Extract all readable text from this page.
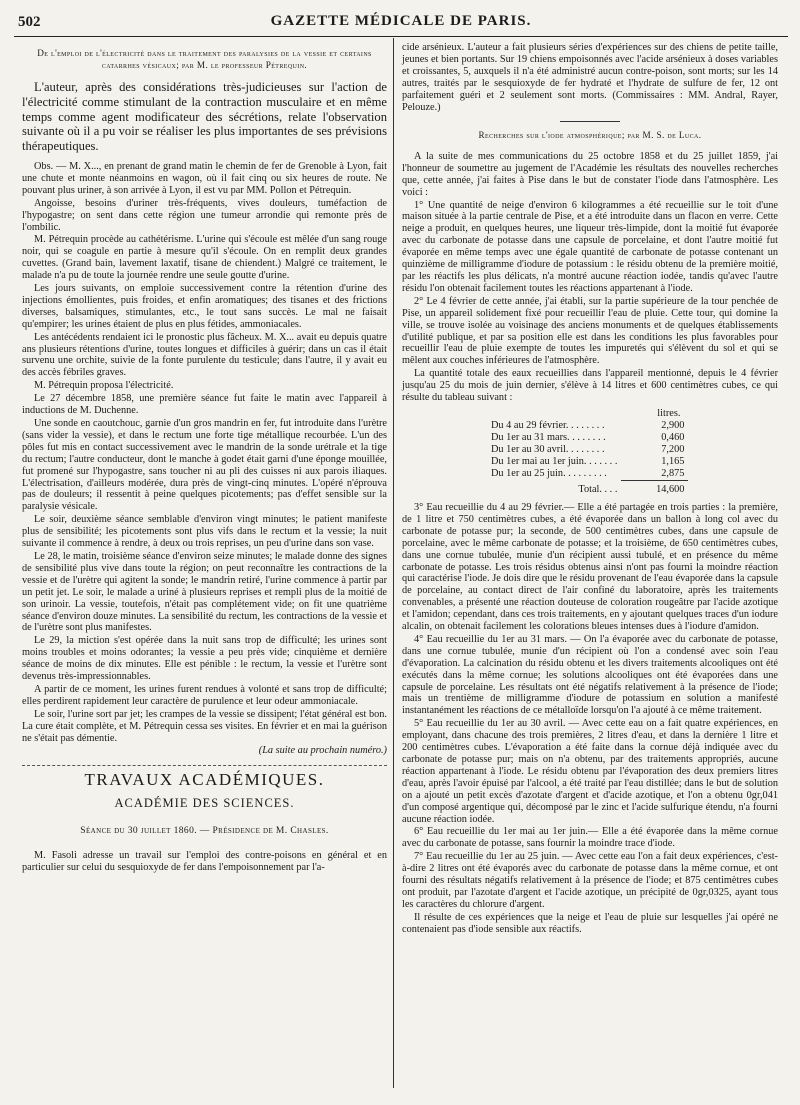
502	GAZETTE MÉDICALE DE PARIS.

De l'emploi de l'électricité dans le traitement des paralysies de la vessie et certains catarrhes vésicaux; par M. le professeur Pétrequin.

L'auteur, après des considérations très-judicieuses sur l'action de l'électricité comme stimulant de la contraction musculaire et en même temps comme agent modificateur des sécrétions, relate l'observation suivante où il a pu voir se réaliser les plus importantes de ses prévisions thérapeutiques.

Obs. — M. X..., en prenant de grand matin le chemin de fer de Grenoble à Lyon, fait une chute et monte néanmoins en wagon, où il fait cinq ou six heures de route. Ne pouvant plus uriner, à son arrivée à Lyon, il est vu par MM. Pollon et Pétrequin.

Angoisse, besoins d'uriner très-fréquents, vives douleurs, tuméfaction de l'hypogastre; on sent dans cette région une tumeur arrondie qui remonte près de l'ombilic.

M. Pétrequin procède au cathétérisme. L'urine qui s'écoule est mêlée d'un sang rouge noir, qui se coagule en partie à mesure qu'il s'écoule. On en remplit deux grandes cuvettes. (Grand bain, lavement laxatif, tisane de chiendent.) Malgré ce traitement, le malade n'a pu de toute la journée rendre une seule goutte d'urine.

Les jours suivants, on emploie successivement contre la rétention d'urine des injections émollientes, puis froides, et enfin aromatiques; des tisanes et des frictions diverses, balsamiques, stimulantes, etc., le tout sans succès. Le mal ne faisait qu'empirer; les urines étaient de plus en plus fétides, ammoniacales.

Les antécédents rendaient ici le pronostic plus fâcheux. M. X... avait eu depuis quatre ans plusieurs rétentions d'urine, toutes longues et difficiles à guérir; dans un cas il était survenu une orchite, suivie de la fonte purulente du testicule; dans l'autre, il y avait eu des accès fébriles graves.

M. Pétrequin proposa l'électricité.

Le 27 décembre 1858, une première séance fut faite le matin avec l'appareil à inductions de M. Duchenne.

Une sonde en caoutchouc, garnie d'un gros mandrin en fer, fut introduite dans l'urètre (sans vider la vessie), et dans le rectum une forte tige métallique recourbée. L'un des pôles fut mis en contact successivement avec le mandrin de la sonde urétrale et la tige du rectum; l'autre conducteur, dont le manche à godet était garni d'une éponge mouillée, fut promené sur l'hypogastre, sans toucher ni au pli des cuisses ni aux parois iliaques. L'électrisation, d'ailleurs modérée, dura près de vingt-cinq minutes. L'opéré n'éprouva pas de douleurs; il ressentit à peine quelques picotements; pas d'effet sensible sur la paralysie vésicale.

Le soir, deuxième séance semblable d'environ vingt minutes; le patient manifeste plus de sensibilité; les picotements sont plus vifs dans le rectum et la vessie; la nuit suivante il commence à rendre, à deux ou trois reprises, un peu d'urine dans son vase.

Le 28, le matin, troisième séance d'environ seize minutes; le malade donne des signes de sensibilité plus vive dans toute la région; on peut reconnaître les contractions de la vessie et de l'urètre qui agitent la sonde; le mandrin retiré, l'urine commence à partir par un petit jet. Le soir, le malade a uriné à plusieurs reprises et rempli plus de la moitié de son urinoir. La vessie, toutefois, n'était pas complétement vide; on fit une quatrième séance d'environ douze minutes. La sensibilité du rectum, les contractions de la vessie et de l'urètre sont plus manifestes.

Le 29, la miction s'est opérée dans la nuit sans trop de difficulté; les urines sont moins troubles et moins odorantes; la vessie a peu près vide; cinquième et dernière séance de moins de dix minutes. Elle est pénible : le rectum, la vessie et l'urètre sont devenus très-impressionnables.

A partir de ce moment, les urines furent rendues à volonté et sans trop de difficulté; elles perdirent rapidement leur caractère de purulence et leur odeur ammoniacale.

Le soir, l'urine sort par jet; les crampes de la vessie se dissipent; l'état général est bon. La cure était complète, et M. Pétrequin cessa ses visites. En février et en mai la guérison ne s'était pas démentie.

(La suite au prochain numéro.)

TRAVAUX ACADÉMIQUES.

ACADÉMIE DES SCIENCES.

Séance du 30 juillet 1860. — Présidence de M. Chasles.

M. Fasoli adresse un travail sur l'emploi des contre-poisons en général et en particulier sur celui du sesquioxyde de fer dans l'empoisonnement par l'a-

cide arsénieux. L'auteur a fait plusieurs séries d'expériences sur des chiens de petite taille, jeunes et bien portants. Sur 19 chiens empoisonnés avec l'acide arsénieux à doses variables et croissantes, 5, auxquels il n'a été administré aucun contre-poison, sont morts; sur les 14 autres, traités par le sesquioxyde de fer hydraté et l'hydrate de sulfure de fer, 12 ont parfaitement guéri et 2 seulement sont morts. (Commissaires : MM. Andral, Rayer, Pelouze.)

Recherches sur l'iode atmosphérique; par M. S. de Luca.

A la suite de mes communications du 25 octobre 1858 et du 25 juillet 1859, j'ai l'honneur de soumettre au jugement de l'Académie les résultats des nouvelles recherches que, cette année, j'ai faites à Pise dans le but de constater l'iode dans l'atmosphère. Les voici :

1° Une quantité de neige d'environ 6 kilogrammes a été recueillie sur le toit d'une maison située à la partie centrale de Pise, et a été introduite dans un flacon en verre. Cette neige a produit, en quelques heures, une liqueur très-limpide, dont la moitié fut évaporée avec du carbonate de potasse dans une capsule de porcelaine, et dont l'autre moitié fut évaporée en même temps avec une égale quantité de carbonate de potasse contenant un quinzième de milligramme d'iodure de potassium : le résidu obtenu de la première moitié, par les réactifs les plus délicats, n'a montré aucune réaction iodée, tandis qu'avec l'autre résidu l'on obtenait facilement toutes les réactions appartenant à l'iode.

2° Le 4 février de cette année, j'ai établi, sur la partie supérieure de la tour penchée de Pise, un appareil solidement fixé pour recueillir l'eau de pluie. Cette tour, qui domine la ville, se trouve isolée au voisinage des anciens monuments et de quelques établissements d'utilité publique, et par sa position elle est dans les conditions les plus favorables pour recueillir l'eau de pluie exempte de toutes les impuretés qui s'élèvent du sol et qui se mêlent aux couches inférieures de l'atmosphère.

La quantité totale des eaux recueillies dans l'appareil mentionné, depuis le 4 février jusqu'au 25 du mois de juin dernier, s'élève à 14 litres et 600 centimètres cubes, ce qui résulte du tableau suivant :

	litres.
Du 4 au 29 février. . . . . . . .	2,900
Du 1er au 31 mars. . . . . . . .	0,460
Du 1er au 30 avril. . . . . . . .	7,200
Du 1er mai au 1er juin. . . . . . .	1,165
Du 1er au 25 juin. . . . . . . . .	2,875
Total. . . .	14,600

3° Eau recueillie du 4 au 29 février.— Elle a été partagée en trois parties : la première, de 1 litre et 750 centimètres cubes, a été évaporée dans un ballon à long col avec du carbonate de potasse pur; la seconde, de 500 centimètres cubes, dans une capsule de porcelaine, avec le même carbonate de potasse; et la troisième, de 650 centimètres cubes, dans une cornue tubulée, munie d'un récipient aussi tubulé, et en présence du même carbonate de potasse. Les trois résidus obtenus ainsi n'ont pas fourni la moindre réaction qui caractérise l'iode. Je dois dire que le résidu provenant de l'eau évaporée dans la capsule de porcelaine, au contact direct de l'air confiné du laboratoire, après les traitements convenables, a présenté une réaction douteuse de coloration rougeâtre par l'acide azotique et l'amidon; cependant, dans ces trois traitements, en y ajoutant quelques traces d'un iodure alcalin, on obtenait facilement les colorations bleues intenses dues à l'iodure d'amidon.

4° Eau recueillie du 1er au 31 mars. — On l'a évaporée avec du carbonate de potasse, dans une cornue tubulée, munie d'un récipient où l'on a condensé avec soin l'eau d'évaporation. La calcination du résidu obtenu et les divers traitements alcooliques ont été exécutés dans la même cornue; les solutions alcooliques ont été évaporées dans une capsule de porcelaine. Les résultats ont été négatifs relativement à la présence de l'iode; mais un trentième de milligramme d'iodure de potassium en solution a manifesté instantanément les réactions de ce métalloïde lorsqu'on l'a ajouté à ce même traitement.

5° Eau recueillie du 1er au 30 avril. — Avec cette eau on a fait quatre expériences, en employant, dans chacune des trois premières, 2 litres d'eau, et dans la dernière 1 litre et 200 centimètres cubes. L'évaporation a été faite dans la cornue déjà indiquée avec du carbonate de potasse pur; mais on n'a obtenu, par des traitements appropriés, aucune réaction appartenant à l'iode. Le résidu obtenu par l'évaporation des deux premiers litres d'eau, après l'avoir épuisé par l'alcool, a été traité par l'eau distillée; dans le but de solution on a ajouté un petit excès d'azotate d'argent et d'acide azotique, et l'on a obtenu 0gr,041 d'un composé argentique qui, décomposé par le zinc et l'acide sulfurique étendu, n'a fourni aucune réaction iodée.

6° Eau recueillie du 1er mai au 1er juin.— Elle a été évaporée dans la même cornue avec du carbonate de potasse, sans fournir la moindre trace d'iode.

7° Eau recueillie du 1er au 25 juin. — Avec cette eau l'on a fait deux expériences, c'est-à-dire 2 litres ont été évaporés avec du carbonate de potasse dans la même cornue, et ont fourni des résultats négatifs relativement à la présence de l'iode; et 875 centimètres cubes ont produit, par l'azotate d'argent et l'acide azotique, un précipité de 0gr,0325, ayant tous les caractères du chlorure d'argent.

Il résulte de ces expériences que la neige et l'eau de pluie sur lesquelles j'ai opéré ne contenaient pas d'iode sensible aux réactifs.
